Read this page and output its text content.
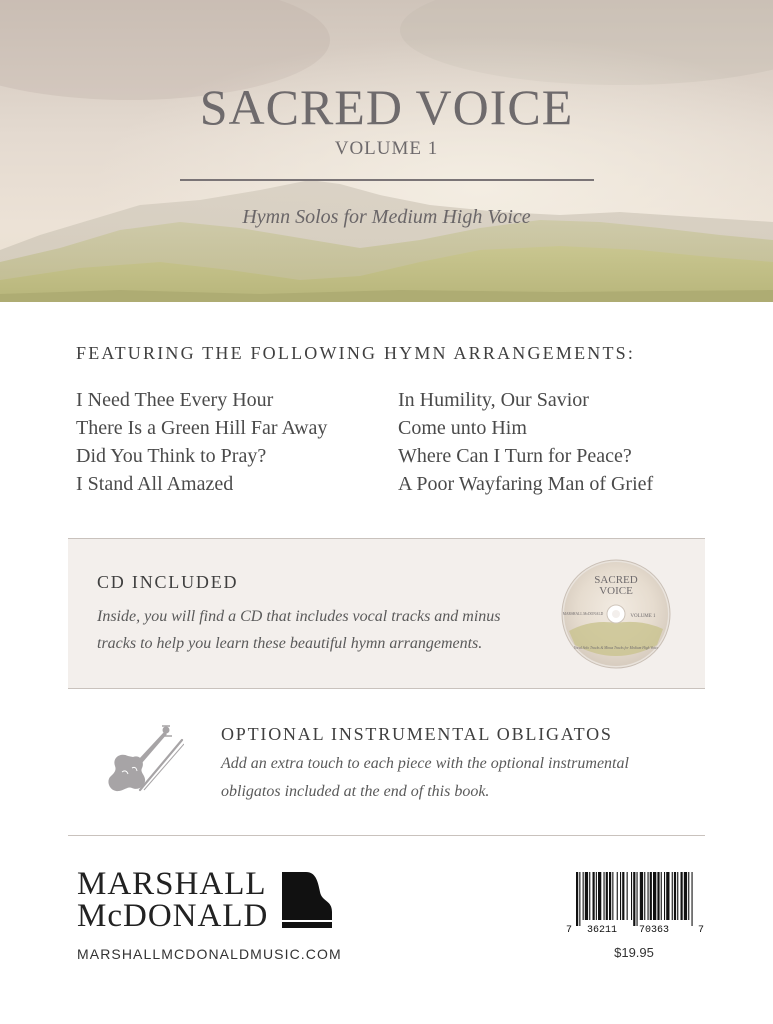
SACRED VOICE
VOLUME 1
Hymn Solos for Medium High Voice
FEATURING THE FOLLOWING HYMN ARRANGEMENTS:
I Need Thee Every Hour
There Is a Green Hill Far Away
Did You Think to Pray?
I Stand All Amazed
In Humility, Our Savior
Come unto Him
Where Can I Turn for Peace?
A Poor Wayfaring Man of Grief
CD INCLUDED
Inside, you will find a CD that includes vocal tracks and minus tracks to help you learn these beautiful hymn arrangements.
SACRED
VOICE
VOLUME 1
MARSHALL McDONALD
Vocal Solo Tracks & Minus Tracks for Medium High Voice
OPTIONAL INSTRUMENTAL OBLIGATOS
Add an extra touch to each piece with the optional instrumental obligatos included at the end of this book.
MARSHALL
McDONALD
MARSHALLMCDONALDMUSIC.COM
7 36211 70363	7
$19.95
